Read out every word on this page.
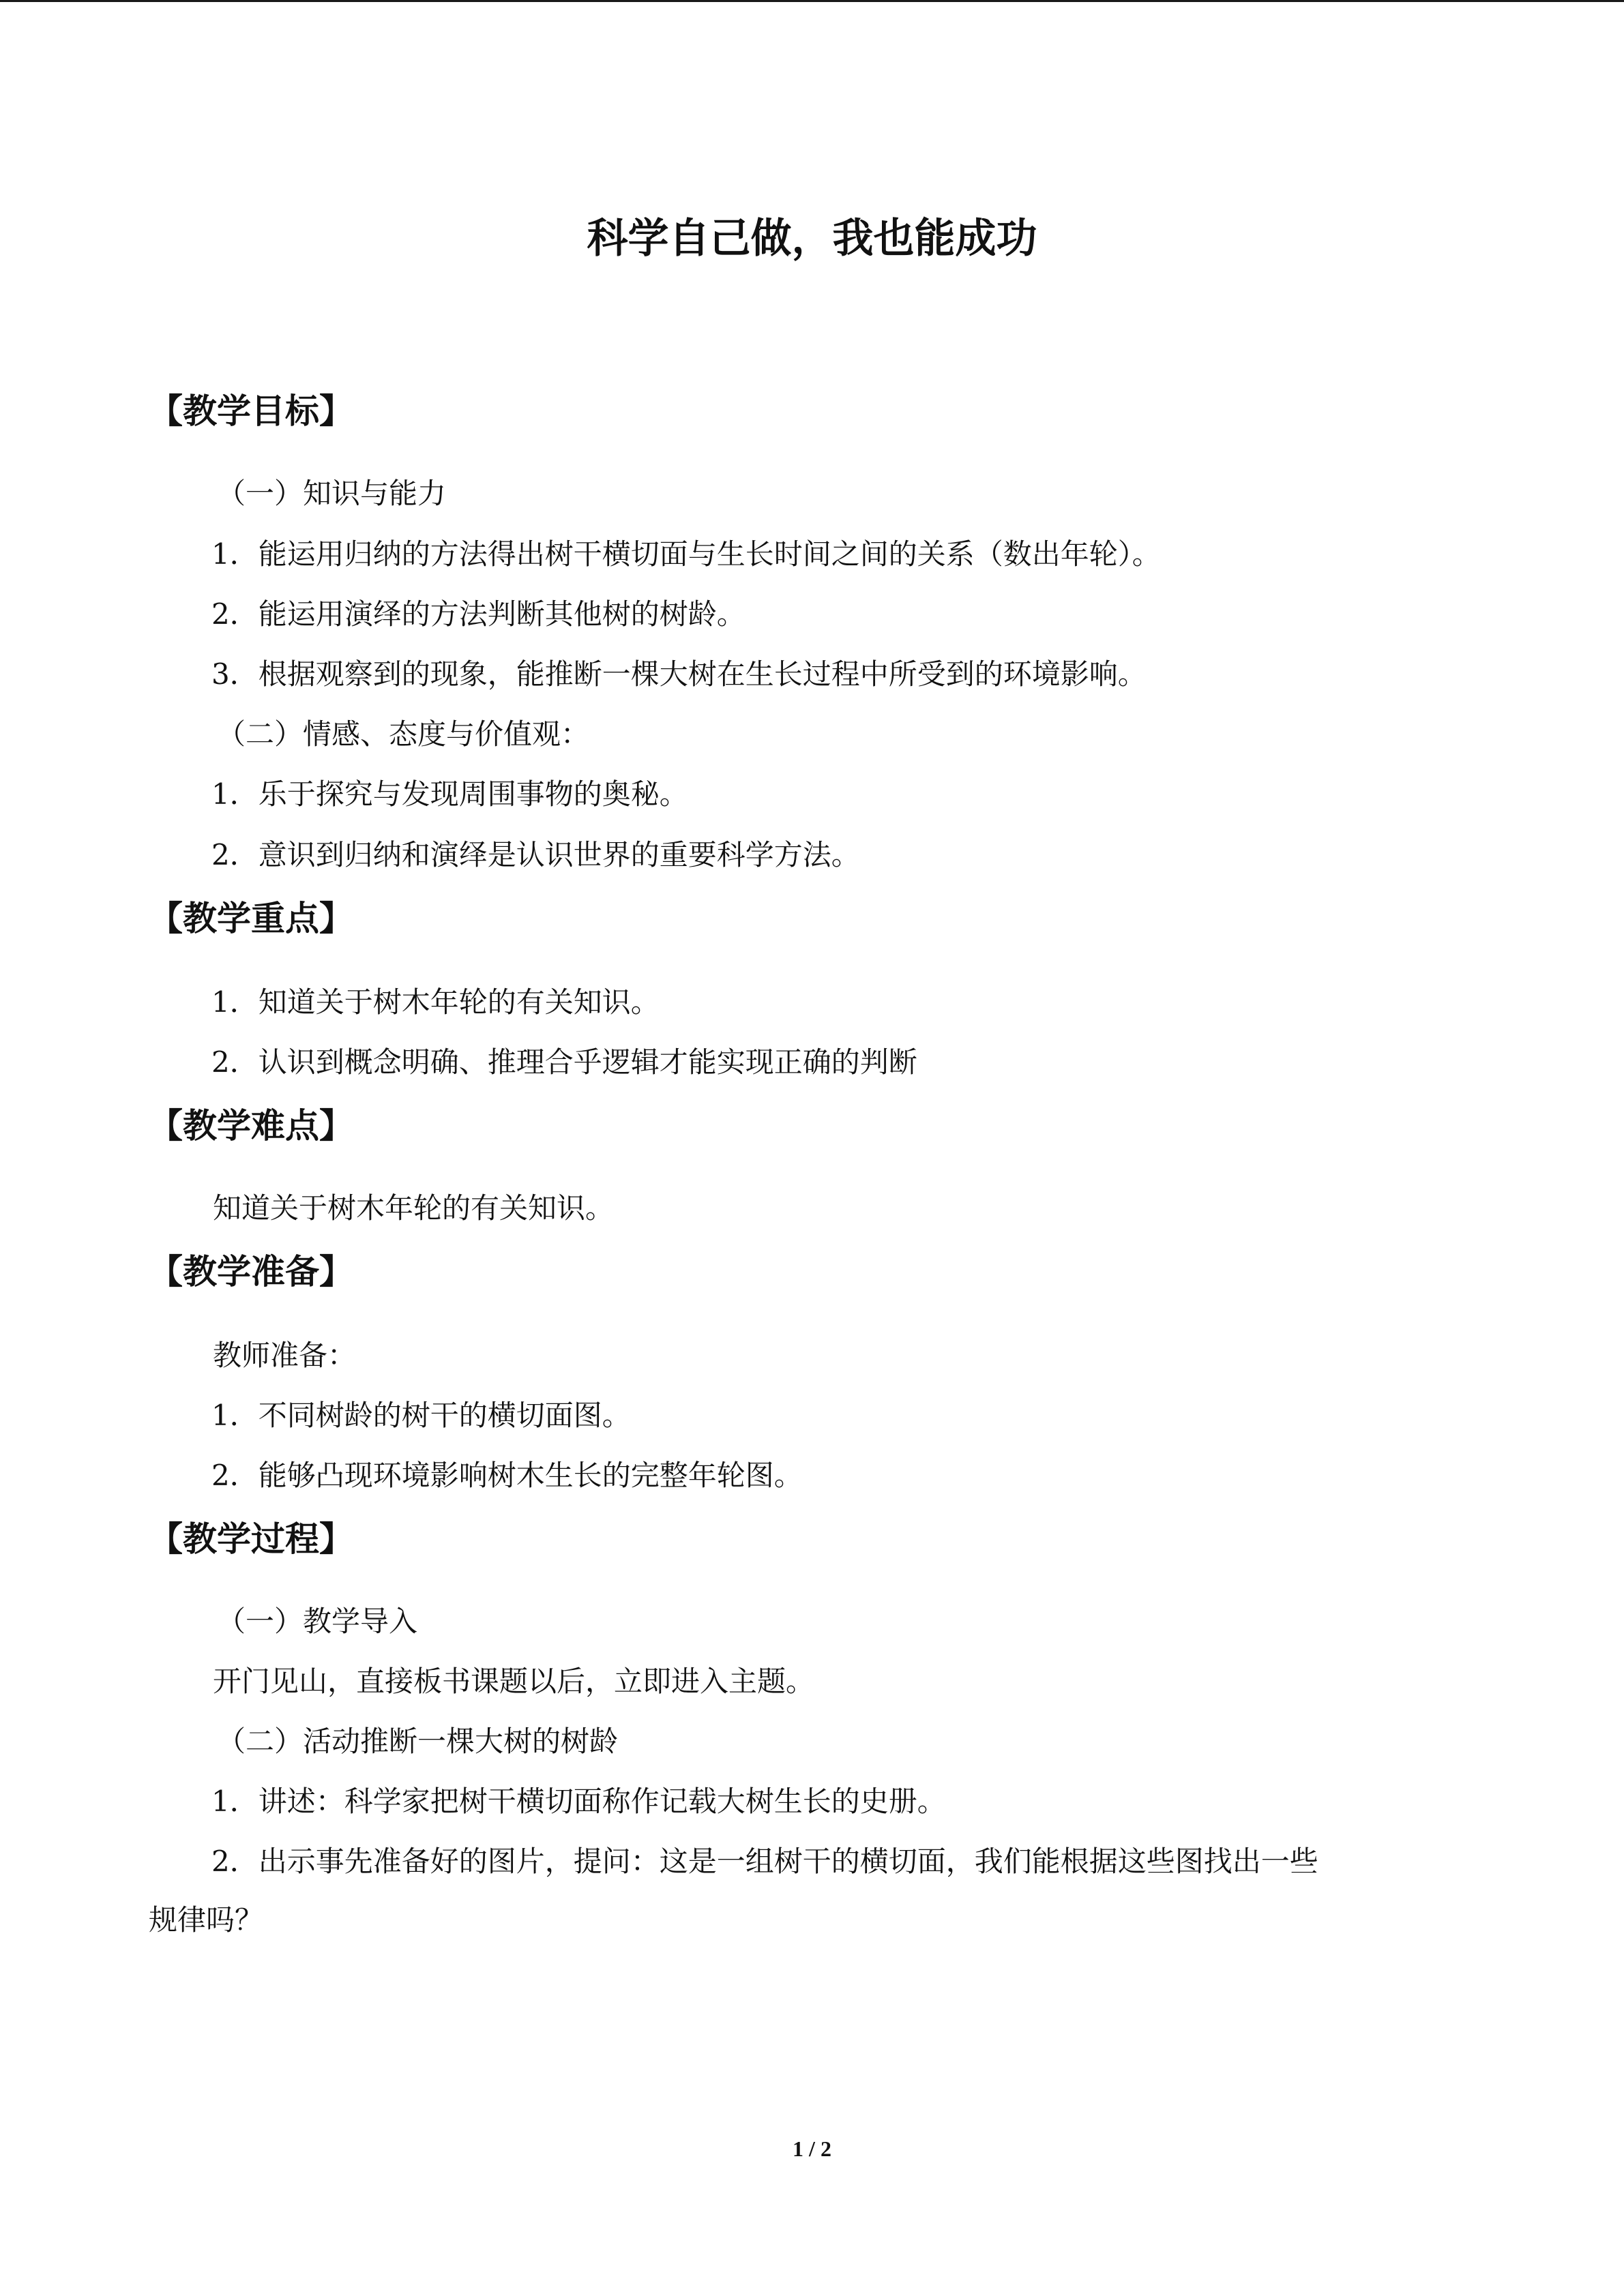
科学自己做，我也能成功
【教学目标】
（一）知识与能力
1．能运用归纳的方法得出树干横切面与生长时间之间的关系（数出年轮）。
2．能运用演绎的方法判断其他树的树龄。
3．根据观察到的现象，能推断一棵大树在生长过程中所受到的环境影响。
（二）情感、态度与价值观：
1．乐于探究与发现周围事物的奥秘。
2．意识到归纳和演绎是认识世界的重要科学方法。
【教学重点】
1．知道关于树木年轮的有关知识。
2．认识到概念明确、推理合乎逻辑才能实现正确的判断
【教学难点】
知道关于树木年轮的有关知识。
【教学准备】
教师准备：
1．不同树龄的树干的横切面图。
2．能够凸现环境影响树木生长的完整年轮图。
【教学过程】
（一）教学导入
开门见山，直接板书课题以后，立即进入主题。
（二）活动推断一棵大树的树龄
1．讲述：科学家把树干横切面称作记载大树生长的史册。
2．出示事先准备好的图片，提问：这是一组树干的横切面，我们能根据这些图找出一些
规律吗？
1 / 2
